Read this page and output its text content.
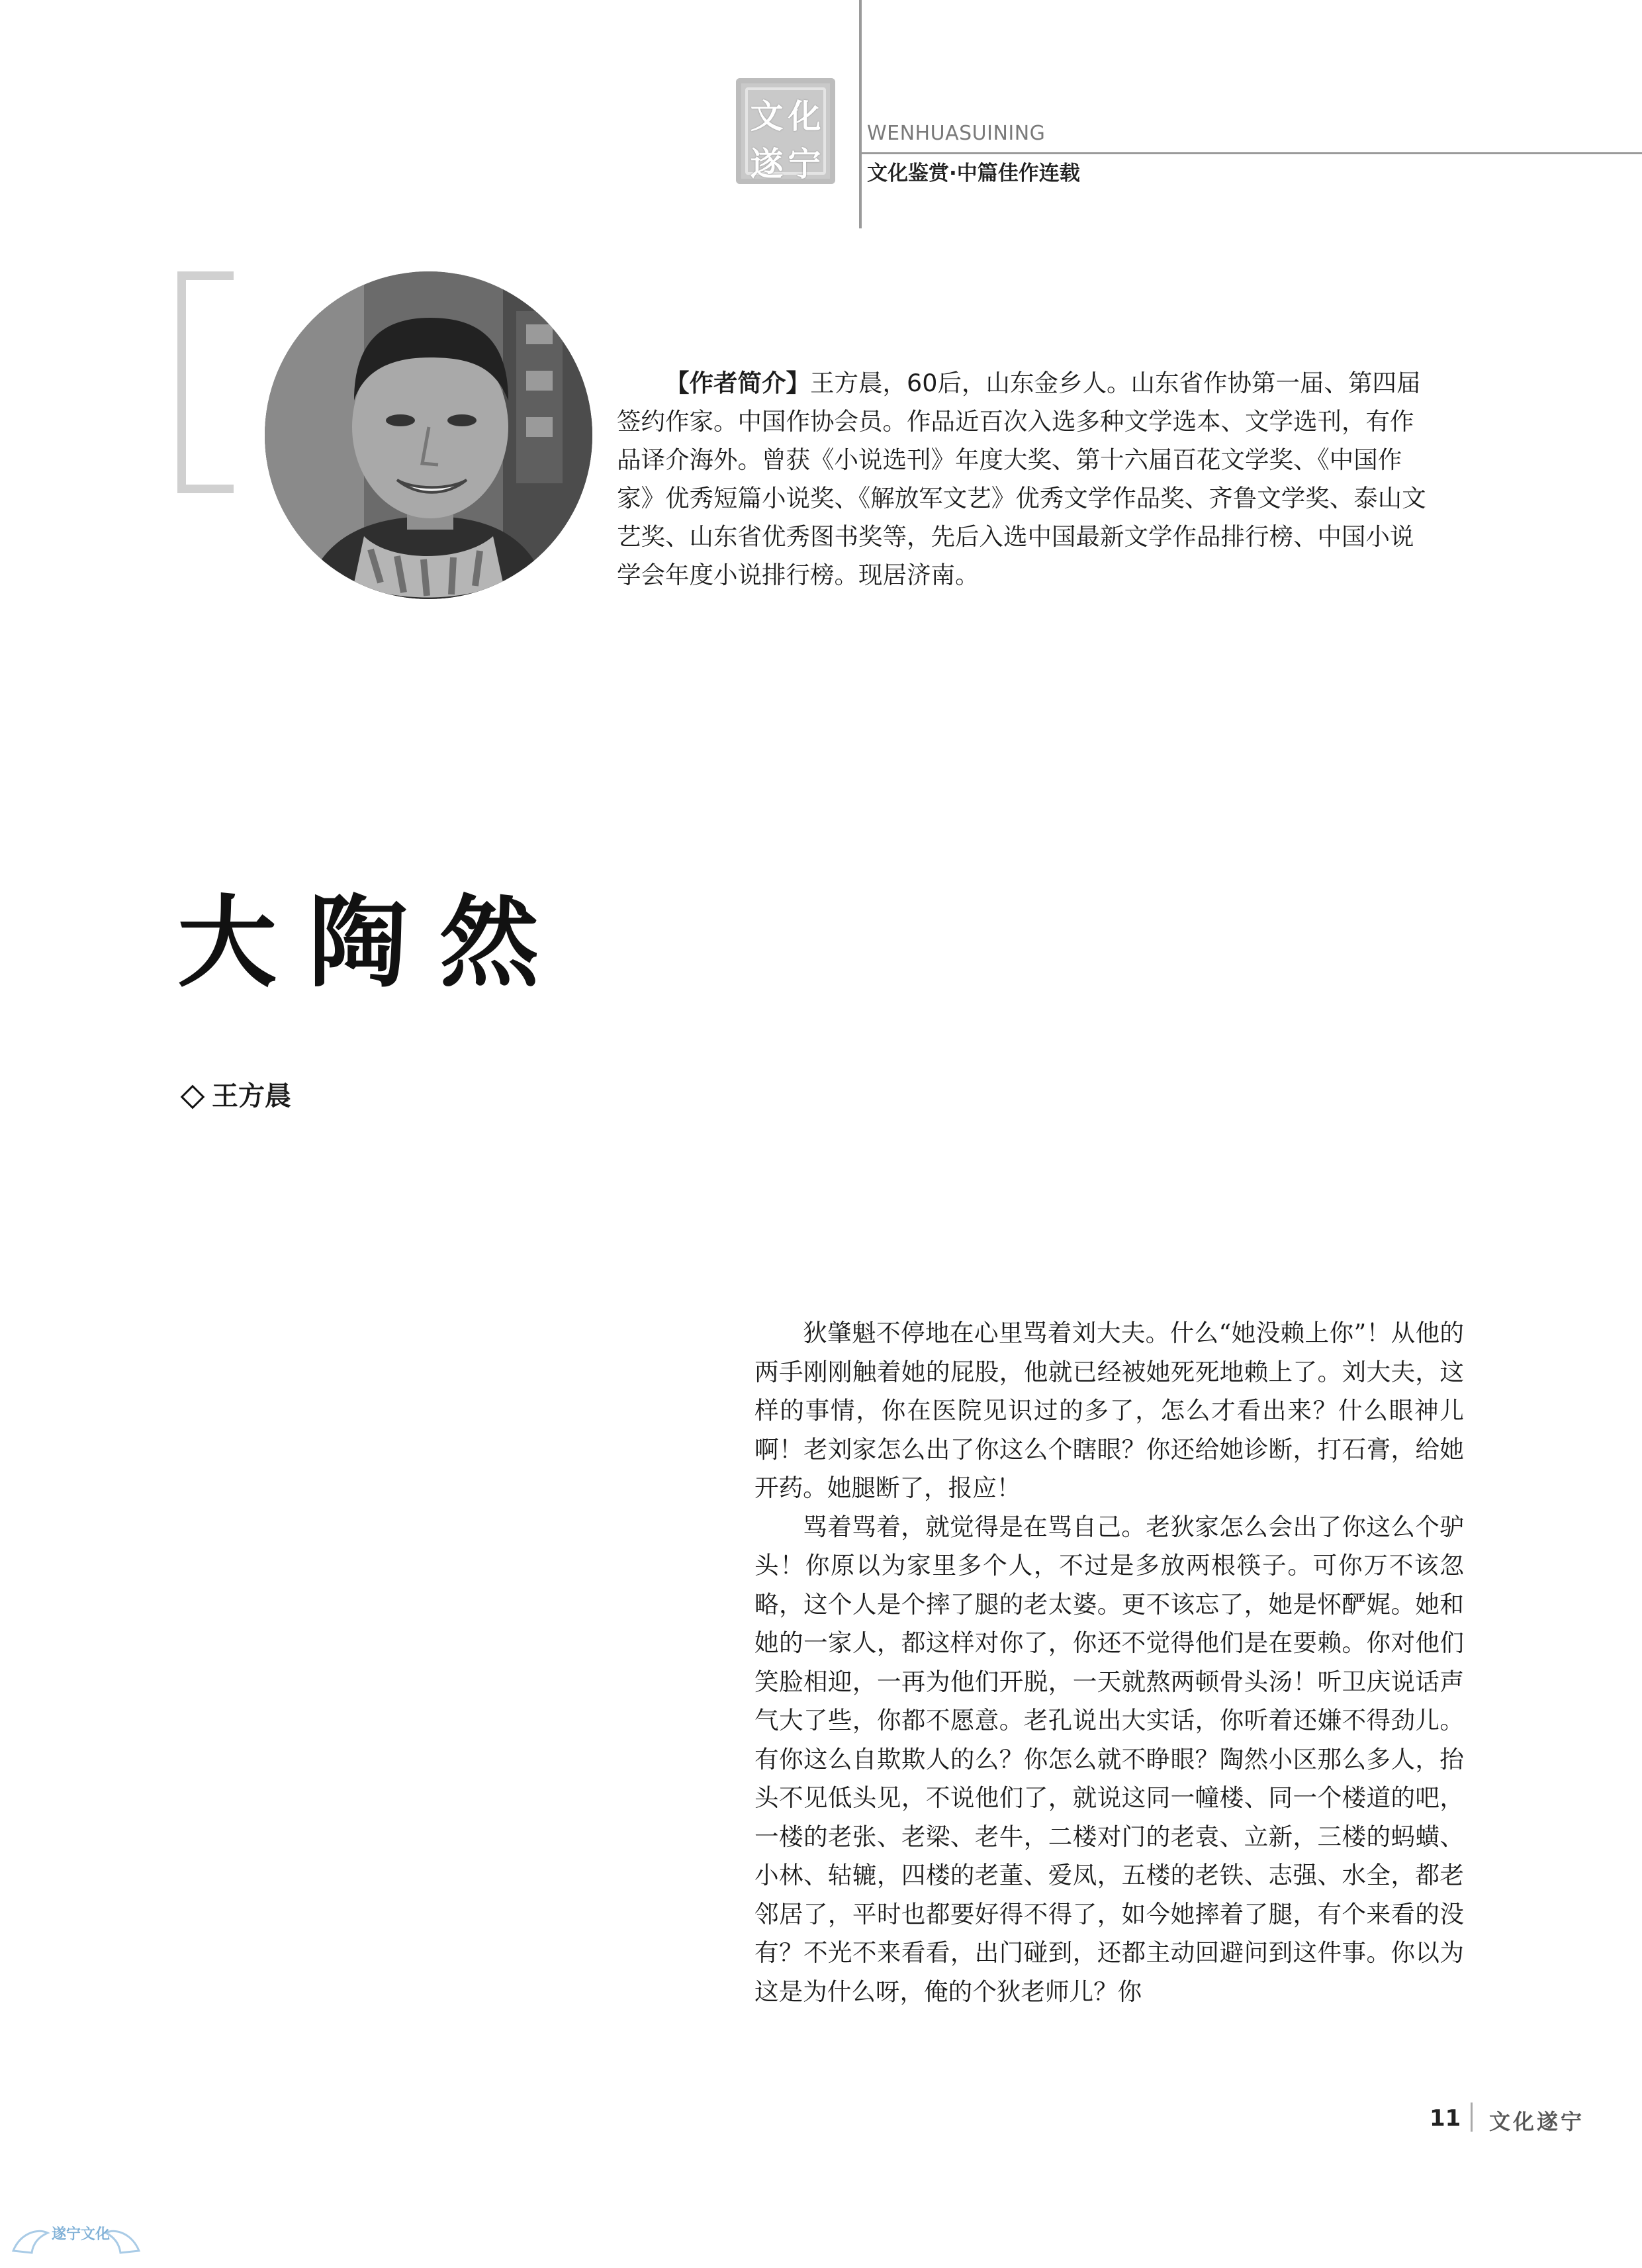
文 化
遂 宁
WENHUASUINING
文化鉴赏·中篇佳作连载

【作者简介】王方晨，60后，山东金乡人。山东省作协第一届、第四届签约作家。中国作协会员。作品近百次入选多种文学选本、文学选刊，有作品译介海外。曾获《小说选刊》年度大奖、第十六届百花文学奖、《中国作家》优秀短篇小说奖、《解放军文艺》优秀文学作品奖、齐鲁文学奖、泰山文艺奖、山东省优秀图书奖等，先后入选中国最新文学作品排行榜、中国小说学会年度小说排行榜。现居济南。

大陶然
王方晨

狄肇魁不停地在心里骂着刘大夫。什么“她没赖上你”！从他的两手刚刚触着她的屁股，他就已经被她死死地赖上了。刘大夫，这样的事情，你在医院见识过的多了，怎么才看出来？什么眼神儿啊！老刘家怎么出了你这么个瞎眼？你还给她诊断，打石膏，给她开药。她腿断了，报应！

骂着骂着，就觉得是在骂自己。老狄家怎么会出了你这么个驴头！你原以为家里多个人，不过是多放两根筷子。可你万不该忽略，这个人是个摔了腿的老太婆。更不该忘了，她是怀酽娓。她和她的一家人，都这样对你了，你还不觉得他们是在要赖。你对他们笑脸相迎，一再为他们开脱，一天就熬两顿骨头汤！听卫庆说话声气大了些，你都不愿意。老孔说出大实话，你听着还嫌不得劲儿。有你这么自欺欺人的么？你怎么就不睁眼？陶然小区那么多人，抬头不见低头见，不说他们了，就说这同一幢楼、同一个楼道的吧，一楼的老张、老梁、老牛，二楼对门的老袁、立新，三楼的蚂蟥、小林、轱辘，四楼的老董、爱凤，五楼的老铁、志强、水全，都老邻居了，平时也都要好得不得了，如今她摔着了腿，有个来看的没有？不光不来看看，出门碰到，还都主动回避问到这件事。你以为这是为什么呀，俺的个狄老师儿？你

11 文化遂宁
遂宁文化
